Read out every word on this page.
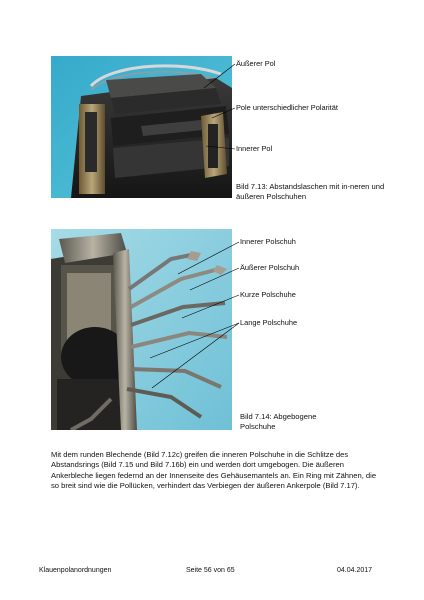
Äußerer Pol
Pole unterschiedlicher Polarität
Innerer Pol
Bild 7.13: Abstandslaschen mit in-neren und äußeren Polschuhen
Innerer Polschuh
Äußerer Polschuh
Kurze Polschuhe
Lange Polschuhe
Bild 7.14: Abgebogene Polschuhe
Mit dem runden Blechende (Bild 7.12c) greifen die inneren Polschuhe in die Schlitze des Abstandsrings (Bild 7.15 und Bild 7.16b) ein und werden dort umgebogen. Die äußeren Ankerbleche liegen federnd an der Innenseite des Gehäusemantels an. Ein Ring mit Zähnen, die so breit sind wie die Pollücken, verhindert das Verbiegen der äußeren Ankerpole (Bild 7.17).
Klauenpolanordnungen	Seite 56 von 65	04.04.2017
